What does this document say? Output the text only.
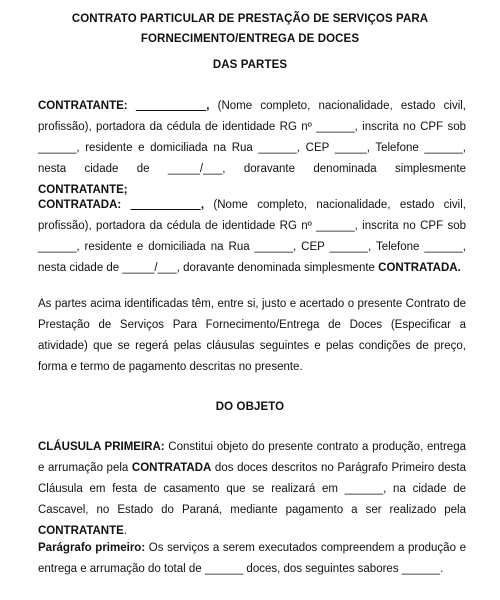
CONTRATO PARTICULAR DE PRESTAÇÃO DE SERVIÇOS PARA
FORNECIMENTO/ENTREGA DE DOCES
DAS PARTES

CONTRATANTE: ___________, (Nome completo, nacionalidade, estado civil, profissão), portadora da cédula de identidade RG nº ______, inscrita no CPF sob ______, residente e domiciliada na Rua ______, CEP _____, Telefone ______, nesta cidade de _____/___, doravante denominada simplesmente CONTRATANTE;

CONTRATADA: ___________, (Nome completo, nacionalidade, estado civil, profissão), portadora da cédula de identidade RG nº ______, inscrita no CPF sob ______, residente e domiciliada na Rua ______, CEP ______, Telefone ______, nesta cidade de _____/___, doravante denominada simplesmente CONTRATADA.

As partes acima identificadas têm, entre si, justo e acertado o presente Contrato de Prestação de Serviços Para Fornecimento/Entrega de Doces (Especificar a atividade) que se regerá pelas cláusulas seguintes e pelas condições de preço, forma e termo de pagamento descritas no presente.

DO OBJETO

CLÁUSULA PRIMEIRA: Constitui objeto do presente contrato a produção, entrega e arrumação pela CONTRATADA dos doces descritos no Parágrafo Primeiro desta Cláusula em festa de casamento que se realizará em ______, na cidade de Cascavel, no Estado do Paraná, mediante pagamento a ser realizado pela CONTRATANTE.

Parágrafo primeiro: Os serviços a serem executados compreendem a produção e entrega e arrumação do total de ______ doces, dos seguintes sabores ______.
